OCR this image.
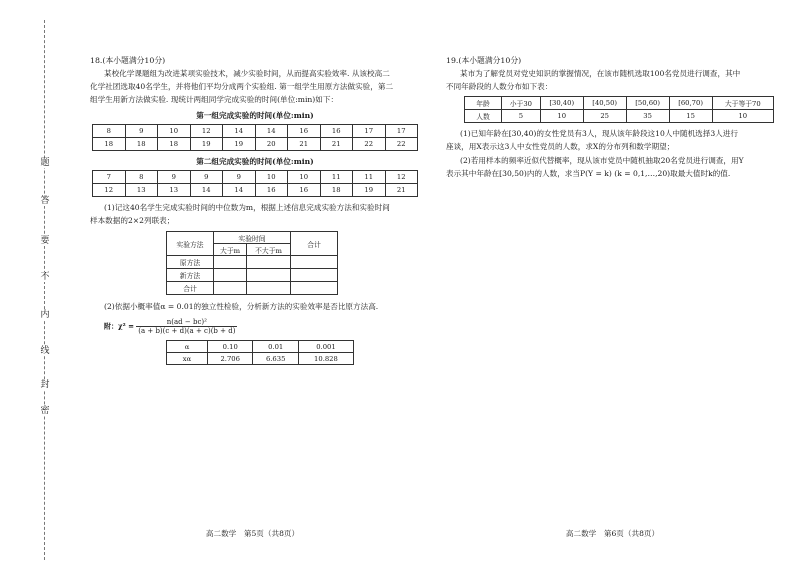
题
答
要
不
内
线
封
密
18.(本小题满分10分)
某校化学课题组为改进某项实验技术，减少实验时间，从而提高实验效率. 从该校高二
化学社团选取40名学生，并将他们平均分成两个实验组. 第一组学生用原方法做实验，第二
组学生用新方法做实验. 现统计两组同学完成实验的时间(单位:min)如下：
第一组完成实验的时间(单位:min)
8	9	10	12	14	14	16	16	17	17
18	18	18	19	19	20	21	21	22	22
第二组完成实验的时间(单位:min)
7	8	9	9	9	10	10	11	11	12
12	13	13	14	14	16	16	18	19	21
(1)记这40名学生完成实验时间的中位数为m，根据上述信息完成实验方法和实验时间
样本数据的2×2列联表；
实验方法	实验时间		合计
	大于m	不大于m	
原方法			
新方法			
合计			
(2)依据小概率值α = 0.01的独立性检验，分析新方法的实验效率是否比原方法高.
附：$\chi^2 = \frac{\text{n(ad − bc)²}}{(a + b)(c + d)(a + c)(b + d)}$
α	0.10	0.01	0.001
xα	2.706	6.635	10.828
高二数学　第5页（共8页）
19.(本小题满分10分)
某市为了解党员对党史知识的掌握情况，在该市随机选取100名党员进行调查，其中
不同年龄段的人数分布如下表：
年龄	小于30	[30,40)	[40,50)	[50,60)	[60,70)	大于等于70
人数	5	10	25	35	15	10
(1)已知年龄在[30,40)的女性党员有3人，现从该年龄段这10人中随机选择3人进行
座谈，用X表示这3人中女性党员的人数，求X的分布列和数学期望；
(2)若用样本的频率近似代替概率，现从该市党员中随机抽取20名党员进行调查，用Y
表示其中年龄在[30,50)内的人数，求当P(Y = k) (k = 0,1,…,20)取最大值时k的值.
高二数学　第6页（共8页）
